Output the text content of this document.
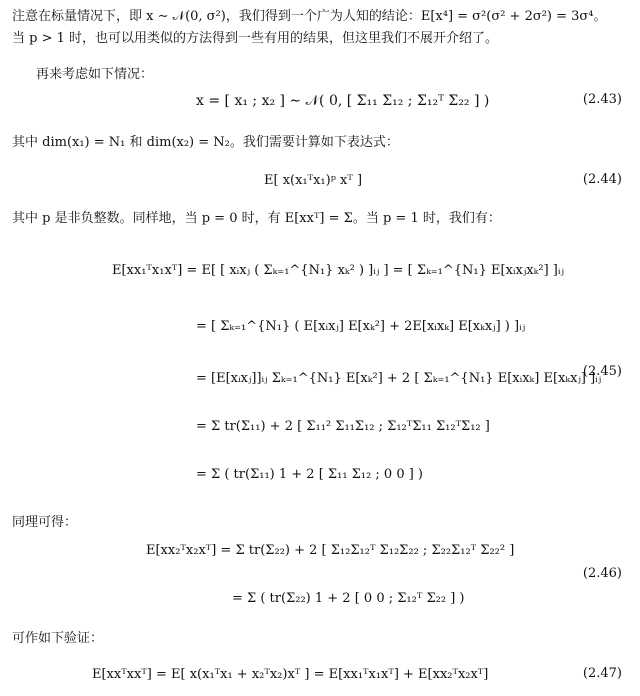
注意在标量情况下，即 x ∼ 𝒩(0, σ²)，我们得到一个广为人知的结论：E[x⁴] = σ²(σ² + 2σ²) = 3σ⁴。
当 p > 1 时，也可以用类似的方法得到一些有用的结果，但这里我们不展开介绍了。
再来考虑如下情况：
x = [ x₁ ; x₂ ] ∼ 𝒩( 0, [ Σ₁₁ Σ₁₂ ; Σ₁₂ᵀ Σ₂₂ ] )	(2.43)
其中 dim(x₁) = N₁ 和 dim(x₂) = N₂。我们需要计算如下表达式：
E[ x(x₁ᵀx₁)ᵖ xᵀ ]	(2.44)
其中 p 是非负整数。同样地，当 p = 0 时，有 E[xxᵀ] = Σ。当 p = 1 时，我们有：
E[xx₁ᵀx₁xᵀ] = E[ [ xᵢxⱼ ( Σₖ₌₁^{N₁} xₖ² ) ]ᵢⱼ ] = [ Σₖ₌₁^{N₁} E[xᵢxⱼxₖ²] ]ᵢⱼ
= [ Σₖ₌₁^{N₁} ( E[xᵢxⱼ] E[xₖ²] + 2E[xᵢxₖ] E[xₖxⱼ] ) ]ᵢⱼ
= [E[xᵢxⱼ]]ᵢⱼ Σₖ₌₁^{N₁} E[xₖ²] + 2 [ Σₖ₌₁^{N₁} E[xᵢxₖ] E[xₖxⱼ] ]ᵢⱼ
(2.45)
= Σ tr(Σ₁₁) + 2 [ Σ₁₁² Σ₁₁Σ₁₂ ; Σ₁₂ᵀΣ₁₁ Σ₁₂ᵀΣ₁₂ ]
= Σ ( tr(Σ₁₁) 1 + 2 [ Σ₁₁ Σ₁₂ ; 0 0 ] )
同理可得：
E[xx₂ᵀx₂xᵀ] = Σ tr(Σ₂₂) + 2 [ Σ₁₂Σ₁₂ᵀ Σ₁₂Σ₂₂ ; Σ₂₂Σ₁₂ᵀ Σ₂₂² ]
= Σ ( tr(Σ₂₂) 1 + 2 [ 0 0 ; Σ₁₂ᵀ Σ₂₂ ] )
(2.46)
可作如下验证：
E[xxᵀxxᵀ] = E[ x(x₁ᵀx₁ + x₂ᵀx₂)xᵀ ] = E[xx₁ᵀx₁xᵀ] + E[xx₂ᵀx₂xᵀ]	(2.47)
